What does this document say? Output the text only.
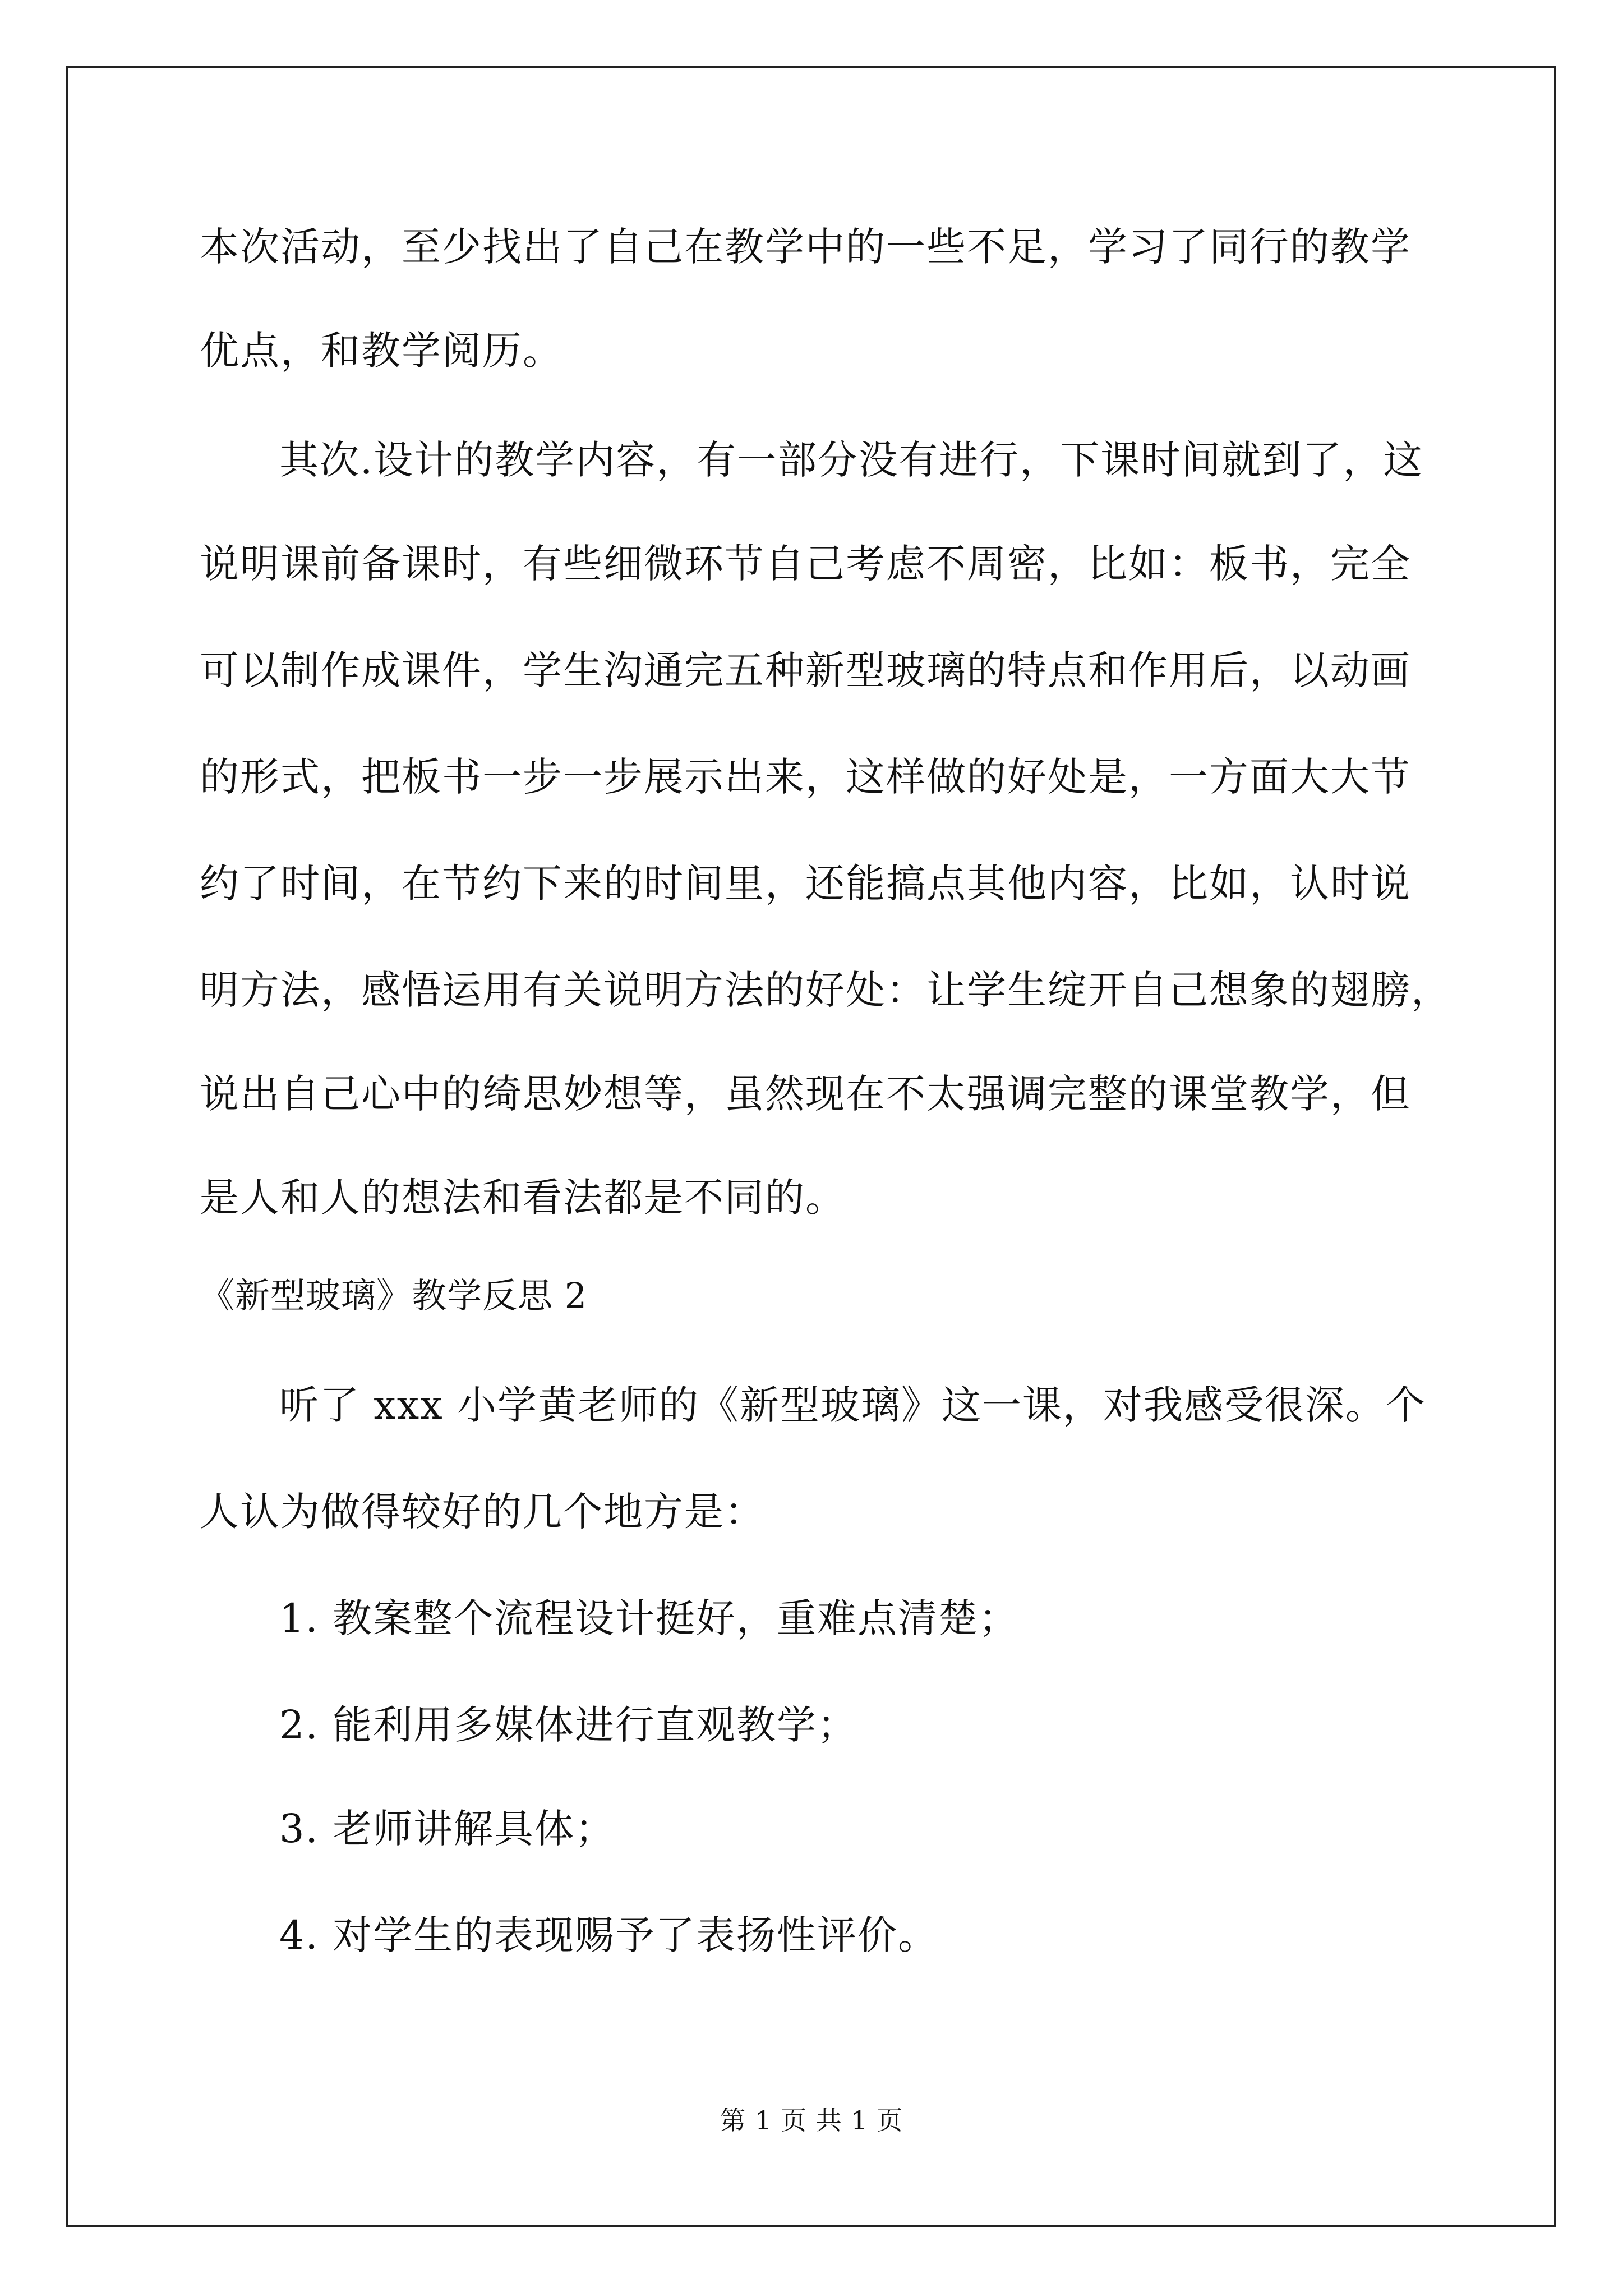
本次活动，至少找出了自己在教学中的一些不足，学习了同行的教学
优点，和教学阅历。
其次.设计的教学内容，有一部分没有进行，下课时间就到了，这
说明课前备课时，有些细微环节自己考虑不周密，比如：板书，完全
可以制作成课件，学生沟通完五种新型玻璃的特点和作用后，以动画
的形式，把板书一步一步展示出来，这样做的好处是，一方面大大节
约了时间，在节约下来的时间里，还能搞点其他内容，比如，认时说
明方法，感悟运用有关说明方法的好处：让学生绽开自己想象的翅膀，
说出自己心中的绮思妙想等，虽然现在不太强调完整的课堂教学，但
是人和人的想法和看法都是不同的。
《新型玻璃》教学反思 2
听了 xxx 小学黄老师的《新型玻璃》这一课，对我感受很深。个
人认为做得较好的几个地方是：
1. 教案整个流程设计挺好，重难点清楚；
2. 能利用多媒体进行直观教学；
3. 老师讲解具体；
4. 对学生的表现赐予了表扬性评价。
第 1 页 共 1 页
